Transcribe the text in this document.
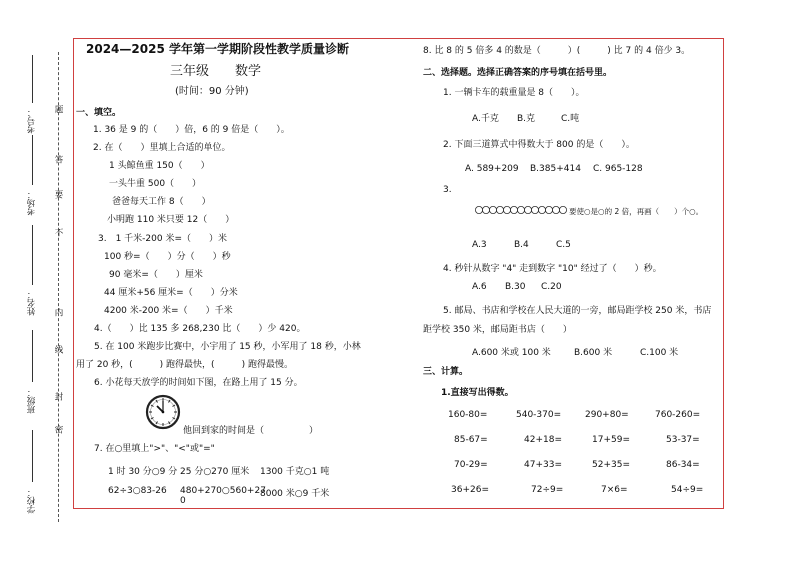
题
答
要
不
内
线
封
密
考号：
考场：
姓名：
班级：
学校：
2024—2025 学年第一学期阶段性教学质量诊断
三年级　　数学
(时间：90 分钟)
一、填空。
1. 36 是 9 的（　　）倍，6 的 9 倍是（　　）。
2. 在（　　）里填上合适的单位。
1 头鲸鱼重 150（　　）
一头牛重 500（　　）
爸爸每天工作 8（　　）
小明跑 110 米只要 12（　　）
3.　1 千米-200 米=（　　）米
100 秒=（　　）分（　　）秒
90 毫米=（　　）厘米
44 厘米+56 厘米=（　　）分米
4200 米-200 米=（　　）千米
4.（　　）比 135 多 268,230 比（　　）少 420。
5. 在 100 米跑步比赛中，小宇用了 15 秒，小军用了 18 秒，小林
用了 20 秒，(　　　) 跑得最快，(　　　) 跑得最慢。
6. 小花每天放学的时间如下图，在路上用了 15 分。
他回到家的时间是（　　　　　）
7. 在○里填上">"、"<"或"="
1 时 30 分○9 分 25 分○270 厘米 1300 千克○1 吨
62÷3○83-26 480+270○560+27
0
8000 米○9 千米
8. 比 8 的 5 倍多 4 的数是（　　　）(　　　) 比 7 的 4 倍少 3。
二、选择题。选择正确答案的序号填在括号里。
1. 一辆卡车的载重量是 8（　　）。
A.千克 B.克	C.吨
2. 下面三道算式中得数大于 800 的是（　　）。
A. 589+209 B.385+414 C. 965-128
3.
要使○是○的 2 倍，再画（　　）个○。
A.3	B.4	C.5
4. 秒针从数字 "4" 走到数字 "10" 经过了（　　）秒。
A.6 B.30 C.20
5. 邮局、书店和学校在人民大道的一旁，邮局距学校 250 米，书店
距学校 350 米，邮局距书店（　　）
A.600 米或 100 米	B.600 米	C.100 米
三、计算。
1.直接写出得数。
160-80=	540-370=	290+80=	760-260=
85-67=	42+18=	17+59=	53-37=
70-29=	47+33=	52+35=	86-34=
36+26=	72÷9=	7×6=	54÷9=
